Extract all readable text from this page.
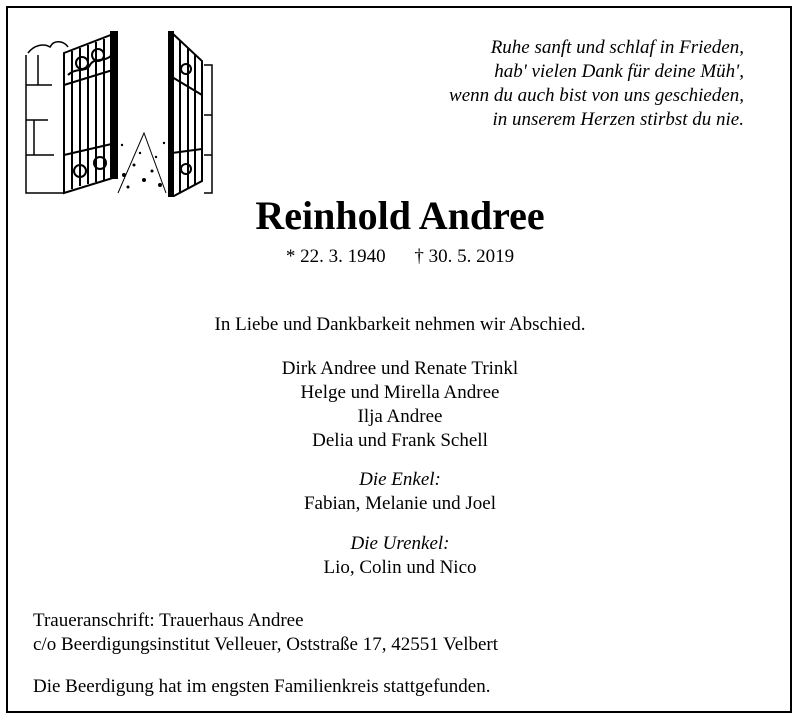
Ruhe sanft und schlaf in Frieden,
hab' vielen Dank für deine Müh',
wenn du auch bist von uns geschieden,
in unserem Herzen stirbst du nie.
Reinhold Andree
* 22. 3. 1940 † 30. 5. 2019
In Liebe und Dankbarkeit nehmen wir Abschied.
Dirk Andree und Renate Trinkl
Helge und Mirella Andree
Ilja Andree
Delia und Frank Schell
Die Enkel:
Fabian, Melanie und Joel
Die Urenkel:
Lio, Colin und Nico
Traueranschrift: Trauerhaus Andree
c/o Beerdigungsinstitut Velleuer, Oststraße 17, 42551 Velbert
Die Beerdigung hat im engsten Familienkreis stattgefunden.
